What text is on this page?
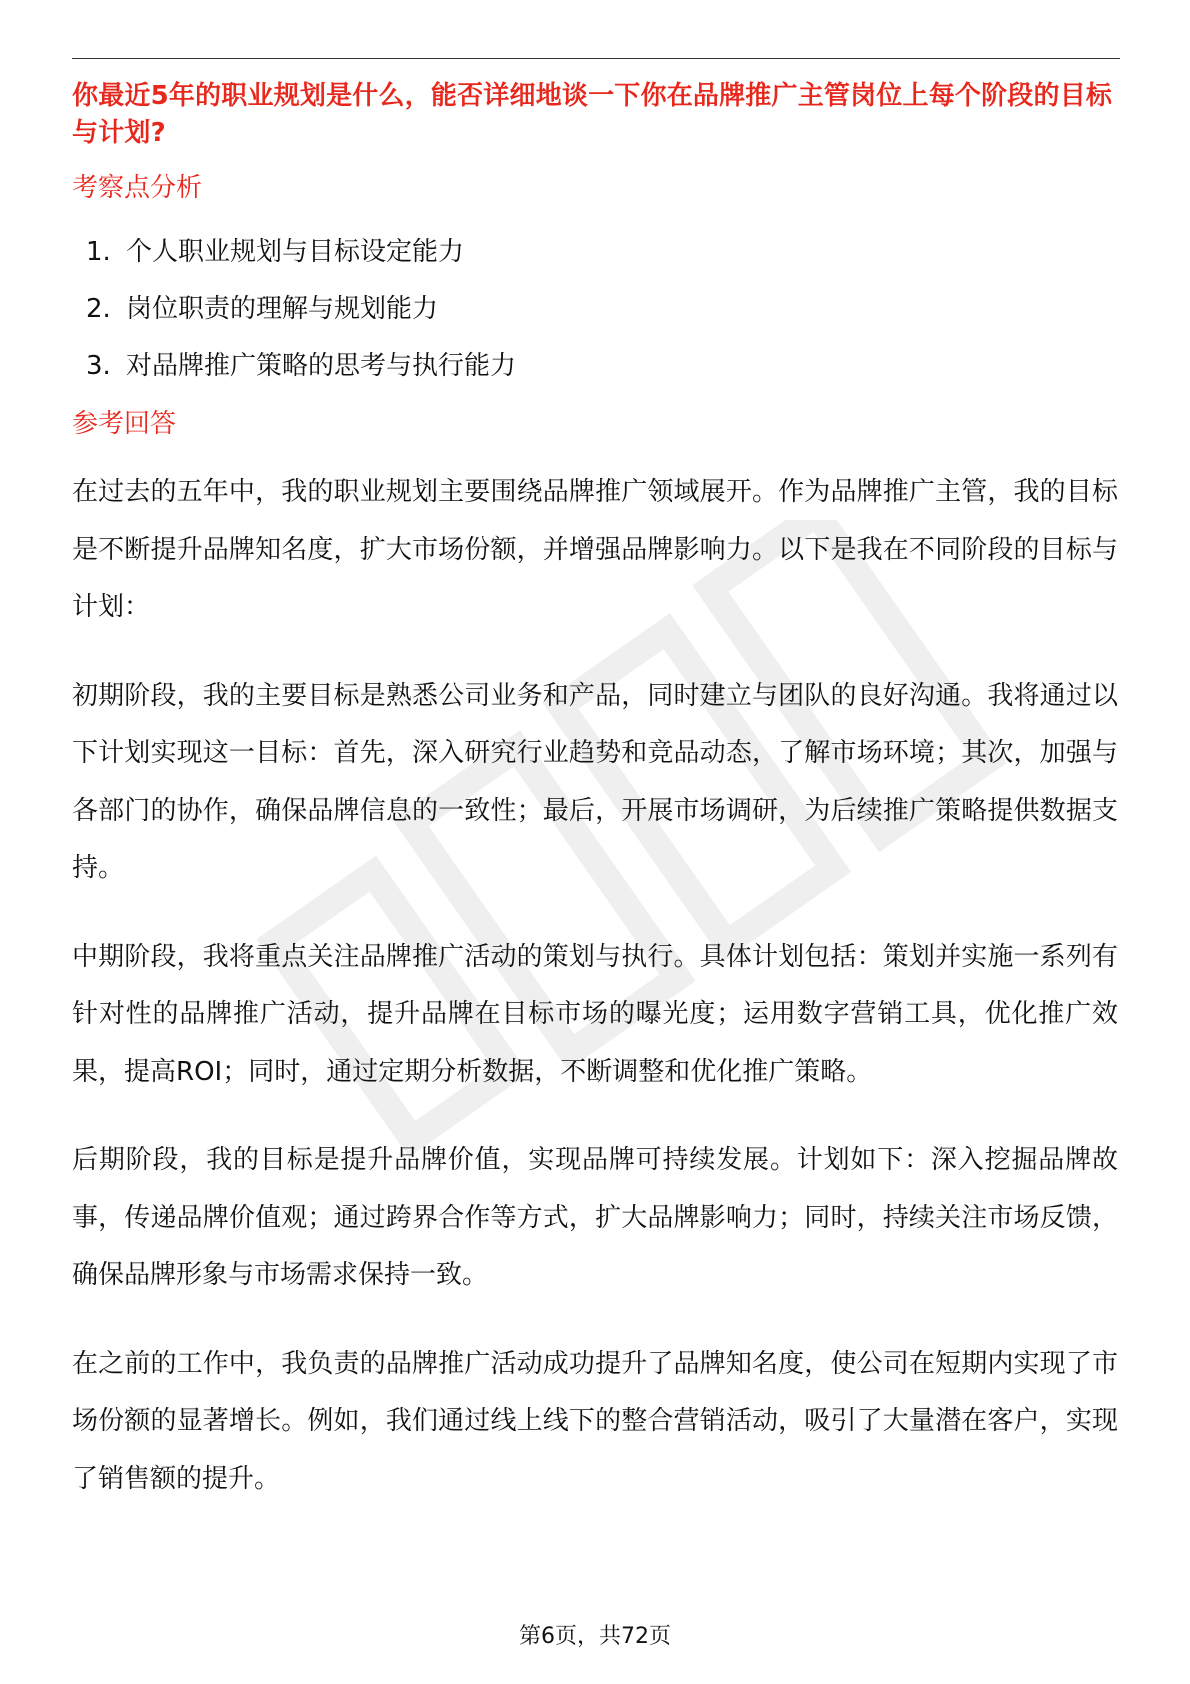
你最近5年的职业规划是什么，能否详细地谈一下你在品牌推广主管岗位上每个阶段的目标与计划?

考察点分析
1. 个人职业规划与目标设定能力
2. 岗位职责的理解与规划能力
3. 对品牌推广策略的思考与执行能力
参考回答

在过去的五年中，我的职业规划主要围绕品牌推广领域展开。作为品牌推广主管，我的目标是不断提升品牌知名度，扩大市场份额，并增强品牌影响力。以下是我在不同阶段的目标与计划：

初期阶段，我的主要目标是熟悉公司业务和产品，同时建立与团队的良好沟通。我将通过以下计划实现这一目标：首先，深入研究行业趋势和竞品动态，了解市场环境；其次，加强与各部门的协作，确保品牌信息的一致性；最后，开展市场调研，为后续推广策略提供数据支持。

中期阶段，我将重点关注品牌推广活动的策划与执行。具体计划包括：策划并实施一系列有针对性的品牌推广活动，提升品牌在目标市场的曝光度；运用数字营销工具，优化推广效果，提高ROI；同时，通过定期分析数据，不断调整和优化推广策略。

后期阶段，我的目标是提升品牌价值，实现品牌可持续发展。计划如下：深入挖掘品牌故事，传递品牌价值观；通过跨界合作等方式，扩大品牌影响力；同时，持续关注市场反馈，确保品牌形象与市场需求保持一致。

在之前的工作中，我负责的品牌推广活动成功提升了品牌知名度，使公司在短期内实现了市场份额的显著增长。例如，我们通过线上线下的整合营销活动，吸引了大量潜在客户，实现了销售额的提升。

第6页，共72页
